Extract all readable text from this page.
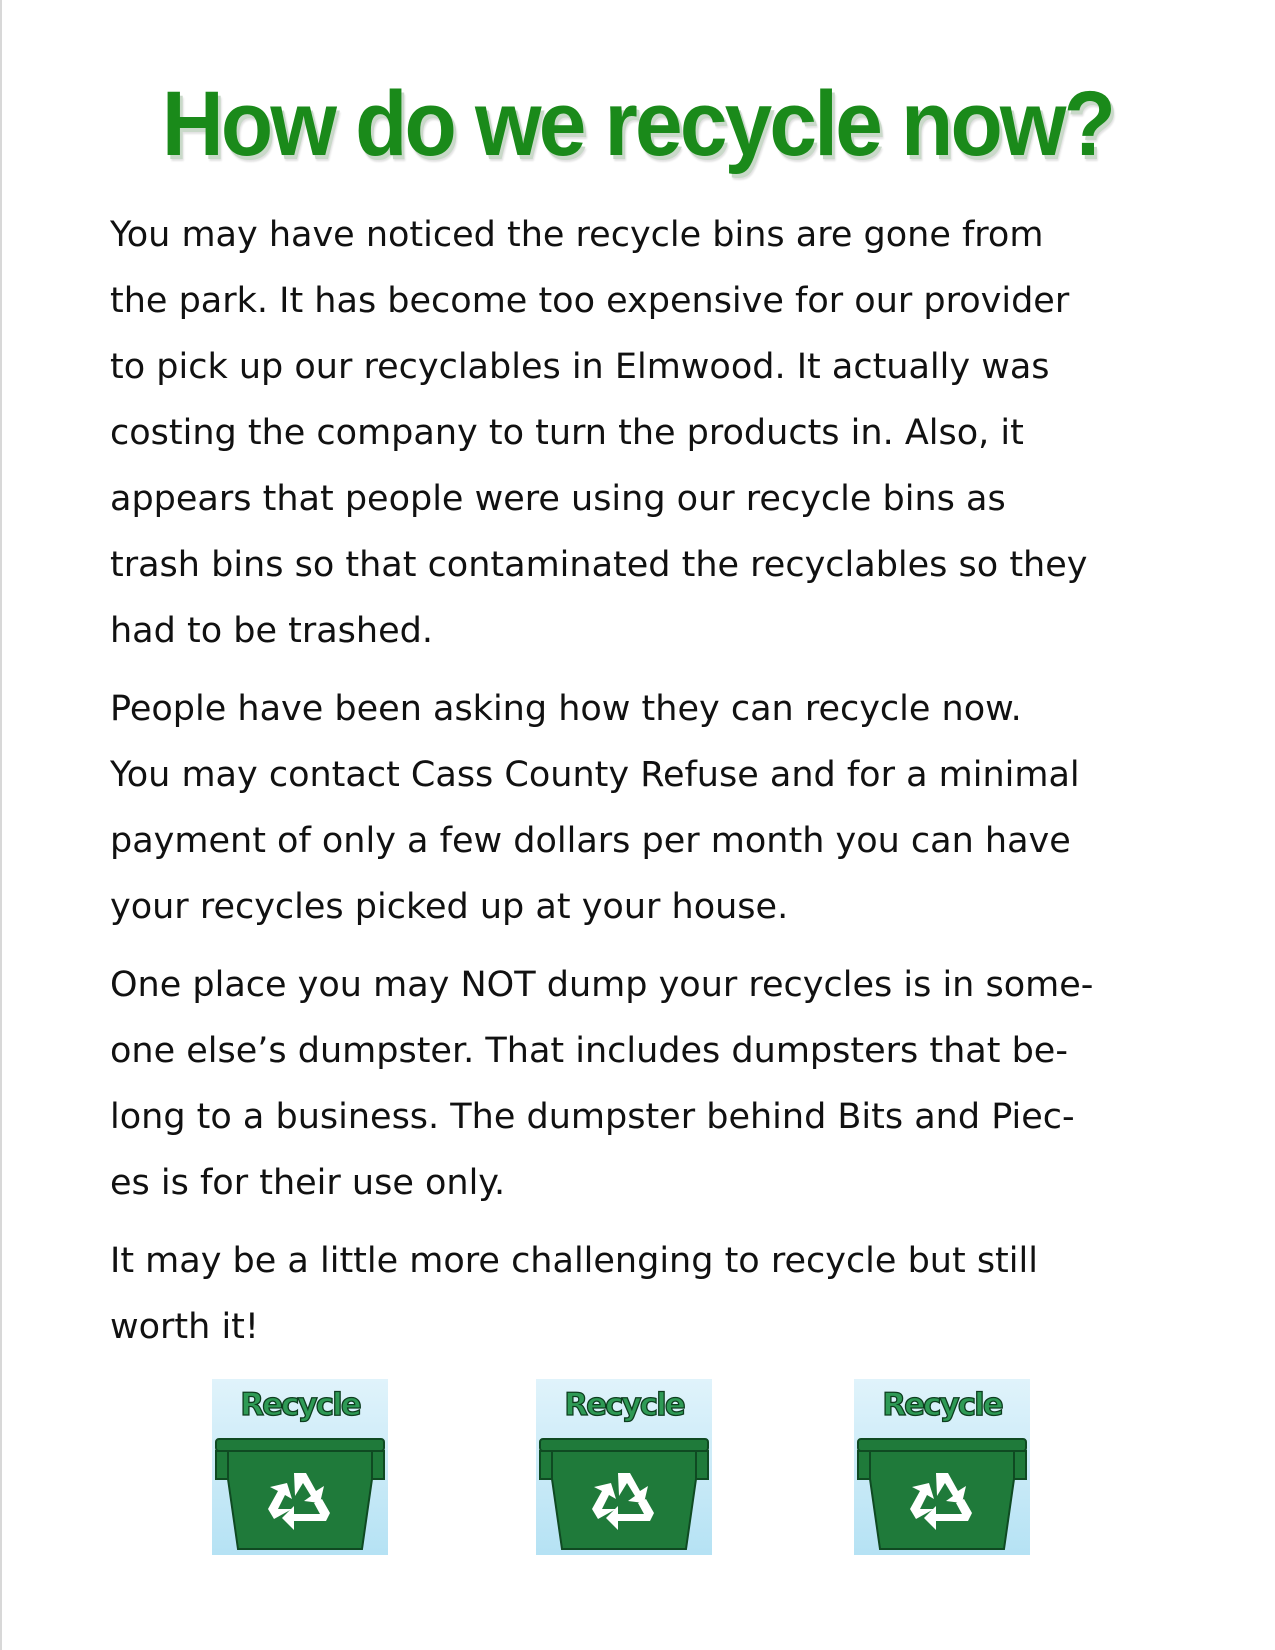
How do we recycle now?

You may have noticed the recycle bins are gone from
the park. It has become too expensive for our provider
to pick up our recyclables in Elmwood. It actually was
costing the company to turn the products in. Also, it
appears that people were using our recycle bins as
trash bins so that contaminated the recyclables so they
had to be trashed.

People have been asking how they can recycle now.
You may contact Cass County Refuse and for a minimal
payment of only a few dollars per month you can have
your recycles picked up at your house.

One place you may NOT dump your recycles is in some-
one else’s dumpster. That includes dumpsters that be-
long to a business. The dumpster behind Bits and Piec-
es is for their use only.

It may be a little more challenging to recycle but still
worth it!

Recycle	Recycle	Recycle
